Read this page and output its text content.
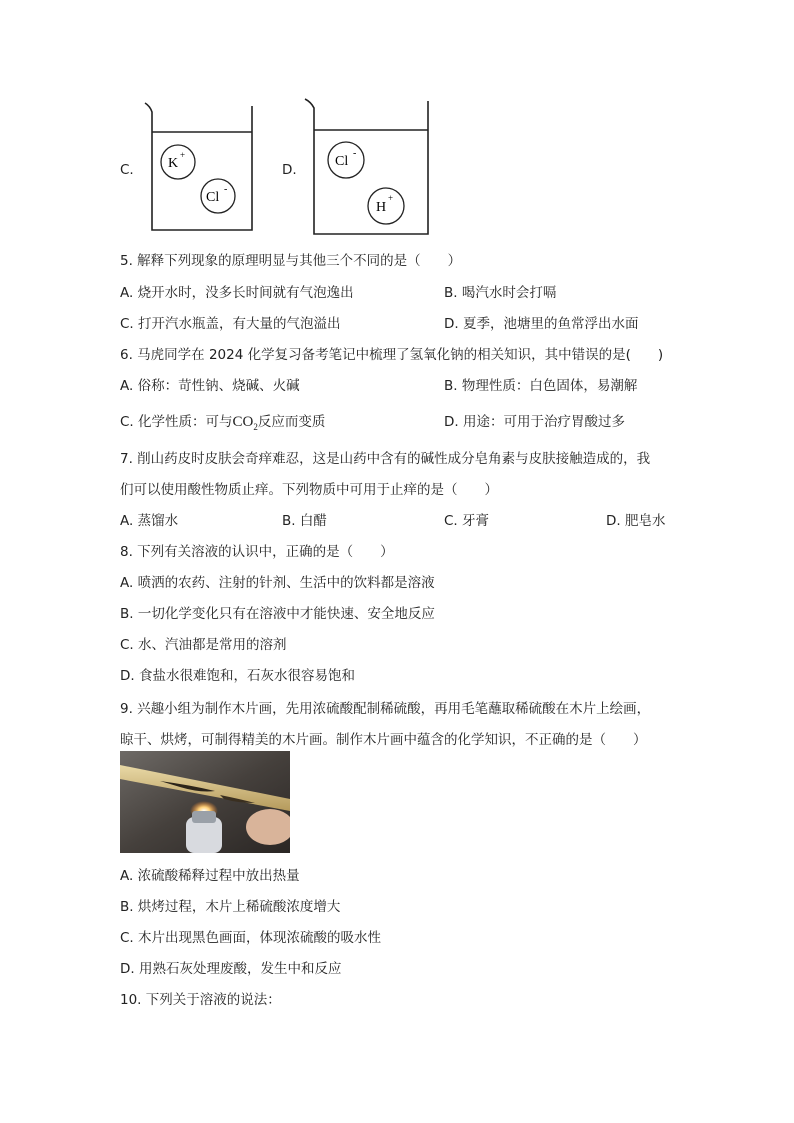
C. K
+
Cl
-
D.
Cl
-
H
+
5. 解释下列现象的原理明显与其他三个不同的是（　　）
A. 烧开水时，没多长时间就有气泡逸出	B. 喝汽水时会打嗝
C. 打开汽水瓶盖，有大量的气泡溢出	D. 夏季，池塘里的鱼常浮出水面
6. 马虎同学在 2024 化学复习备考笔记中梳理了氢氧化钠的相关知识，其中错误的是(　　)
A. 俗称：苛性钠、烧碱、火碱	B. 物理性质：白色固体，易潮解
C. 化学性质：可与$CO_2$反应而变质	D. 用途：可用于治疗胃酸过多
7. 削山药皮时皮肤会奇痒难忍，这是山药中含有的碱性成分皂角素与皮肤接触造成的，我
们可以使用酸性物质止痒。下列物质中可用于止痒的是（　　）
A. 蒸馏水	B. 白醋	C. 牙膏	D. 肥皂水
8. 下列有关溶液的认识中，正确的是（　　）
A. 喷洒的农药、注射的针剂、生活中的饮料都是溶液
B. 一切化学变化只有在溶液中才能快速、安全地反应
C. 水、汽油都是常用的溶剂
D. 食盐水很难饱和，石灰水很容易饱和
9. 兴趣小组为制作木片画，先用浓硫酸配制稀硫酸，再用毛笔蘸取稀硫酸在木片上绘画，
晾干、烘烤，可制得精美的木片画。制作木片画中蕴含的化学知识，不正确的是（　　）
A. 浓硫酸稀释过程中放出热量
B. 烘烤过程，木片上稀硫酸浓度增大
C. 木片出现黑色画面，体现浓硫酸的吸水性
D. 用熟石灰处理废酸，发生中和反应
10. 下列关于溶液的说法：
